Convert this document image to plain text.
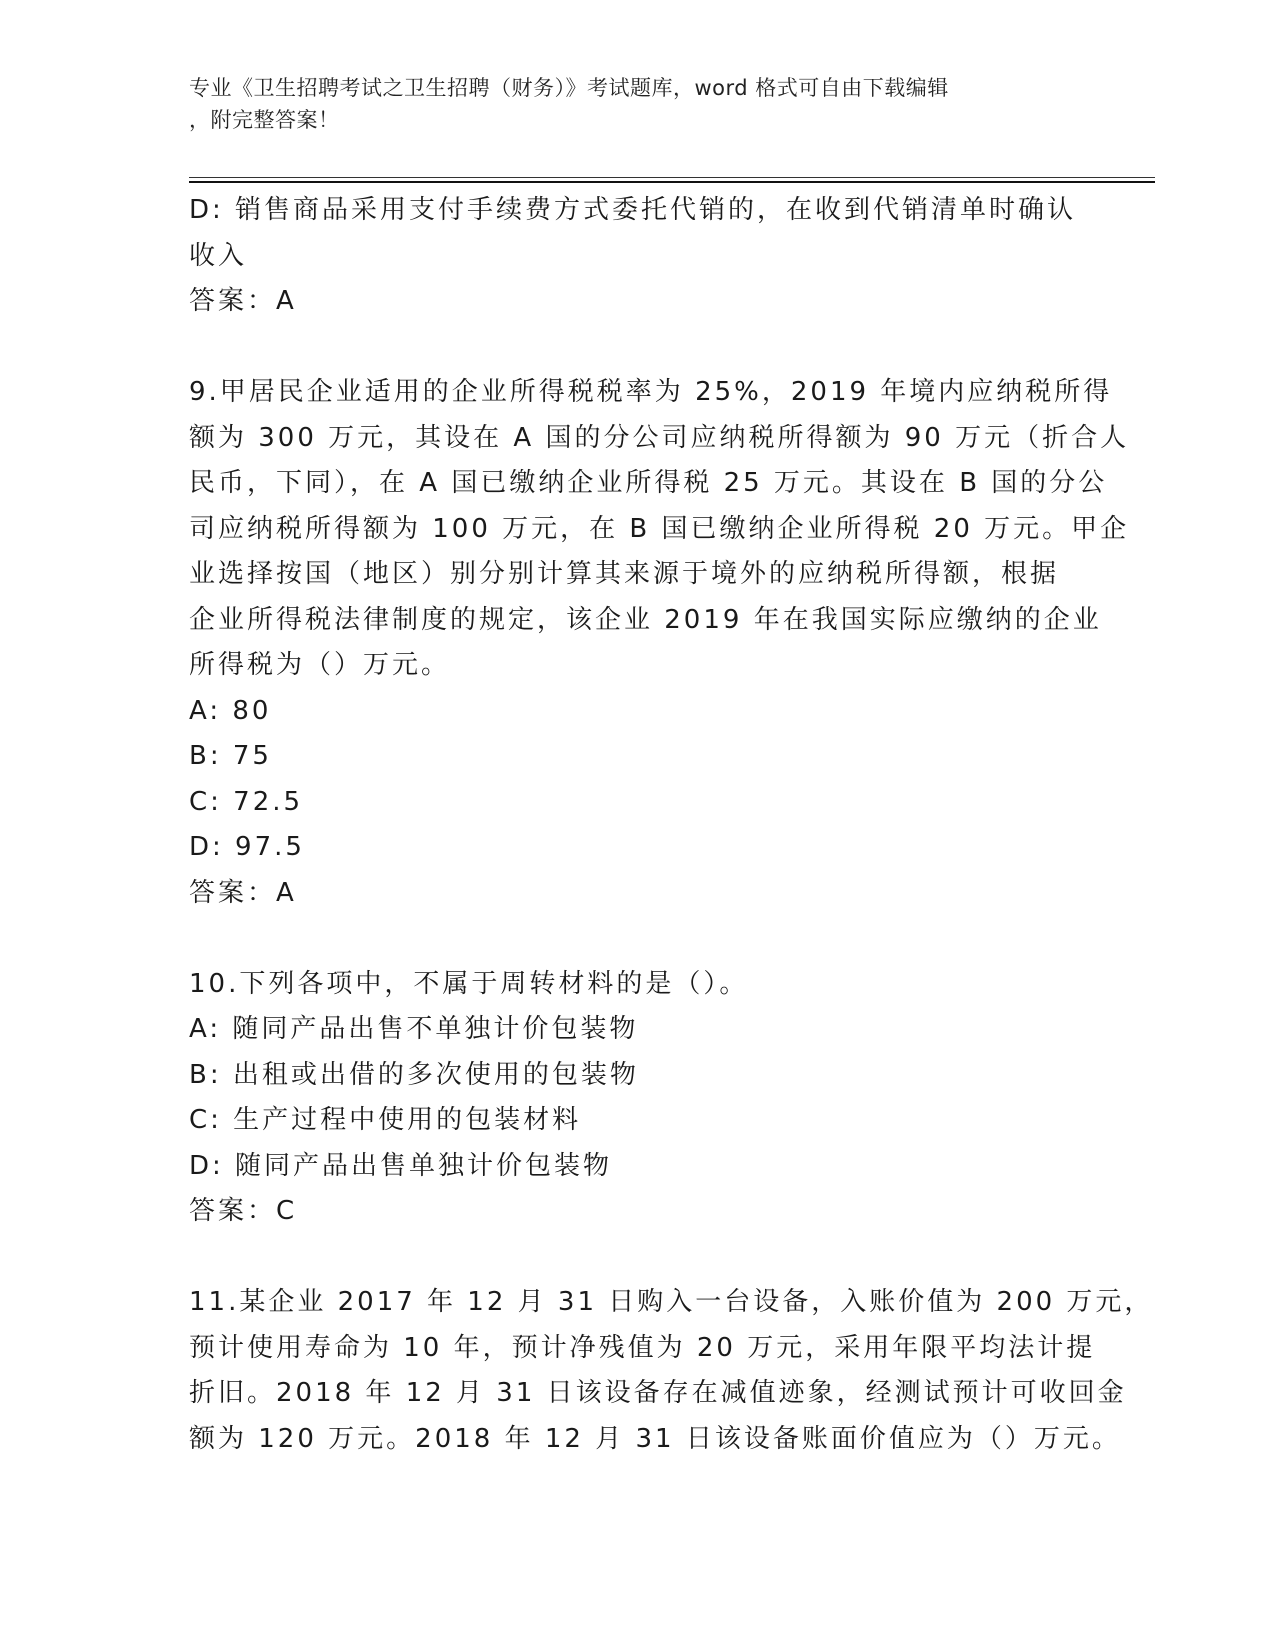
专业《卫生招聘考试之卫生招聘（财务）》考试题库，word 格式可自由下载编辑
，附完整答案！
D: 销售商品采用支付手续费方式委托代销的，在收到代销清单时确认
收入
答案：A
9.甲居民企业适用的企业所得税税率为 25%，2019 年境内应纳税所得
额为 300 万元，其设在 A 国的分公司应纳税所得额为 90 万元（折合人
民币，下同），在 A 国已缴纳企业所得税 25 万元。其设在 B 国的分公
司应纳税所得额为 100 万元，在 B 国已缴纳企业所得税 20 万元。甲企
业选择按国（地区）别分别计算其来源于境外的应纳税所得额，根据
企业所得税法律制度的规定，该企业 2019 年在我国实际应缴纳的企业
所得税为（）万元。
A: 80
B: 75
C: 72.5
D: 97.5
答案：A
10.下列各项中，不属于周转材料的是（）。
A: 随同产品出售不单独计价包装物
B: 出租或出借的多次使用的包装物
C: 生产过程中使用的包装材料
D: 随同产品出售单独计价包装物
答案：C
11.某企业 2017 年 12 月 31 日购入一台设备，入账价值为 200 万元，
预计使用寿命为 10 年，预计净残值为 20 万元，采用年限平均法计提
折旧。2018 年 12 月 31 日该设备存在减值迹象，经测试预计可收回金
额为 120 万元。2018 年 12 月 31 日该设备账面价值应为（）万元。
